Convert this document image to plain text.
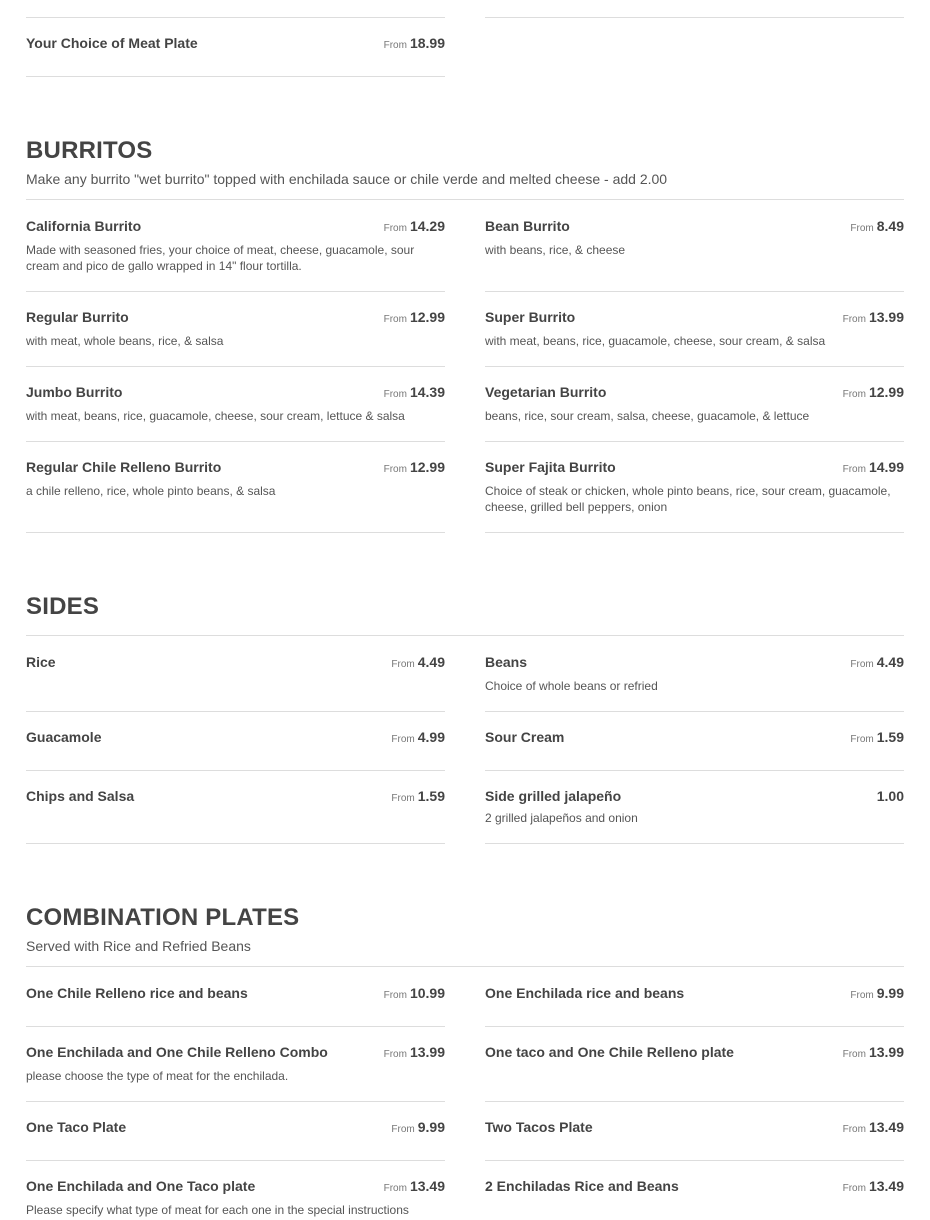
Your Choice of Meat Plate	From 18.99
BURRITOS
Make any burrito "wet burrito" topped with enchilada sauce or chile verde and melted cheese - add 2.00
California Burrito	From 14.29
Made with seasoned fries, your choice of meat, cheese, guacamole, sour cream and pico de gallo wrapped in 14" flour tortilla.
Bean Burrito	From 8.49
with beans, rice, & cheese
Regular Burrito	From 12.99
with meat, whole beans, rice, & salsa
Super Burrito	From 13.99
with meat, beans, rice, guacamole, cheese, sour cream, & salsa
Jumbo Burrito	From 14.39
with meat, beans, rice, guacamole, cheese, sour cream, lettuce & salsa
Vegetarian Burrito	From 12.99
beans, rice, sour cream, salsa, cheese, guacamole, & lettuce
Regular Chile Relleno Burrito	From 12.99
a chile relleno, rice, whole pinto beans, & salsa
Super Fajita Burrito	From 14.99
Choice of steak or chicken, whole pinto beans, rice, sour cream, guacamole, cheese, grilled bell peppers, onion
SIDES
Rice	From 4.49	Beans	From 4.49
Choice of whole beans or refried
Guacamole	From 4.99	Sour Cream	From 1.59
Chips and Salsa	From 1.59	Side grilled jalapeño	1.00
2 grilled jalapeños and onion
COMBINATION PLATES
Served with Rice and Refried Beans
One Chile Relleno rice and beans	From 10.99	One Enchilada rice and beans	From 9.99
One Enchilada and One Chile Relleno Combo	From 13.99
please choose the type of meat for the enchilada.
One taco and One Chile Relleno plate	From 13.99
One Taco Plate	From 9.99	Two Tacos Plate	From 13.49
One Enchilada and One Taco plate	From 13.49
Please specify what type of meat for each one in the special instructions
2 Enchiladas Rice and Beans	From 13.49
